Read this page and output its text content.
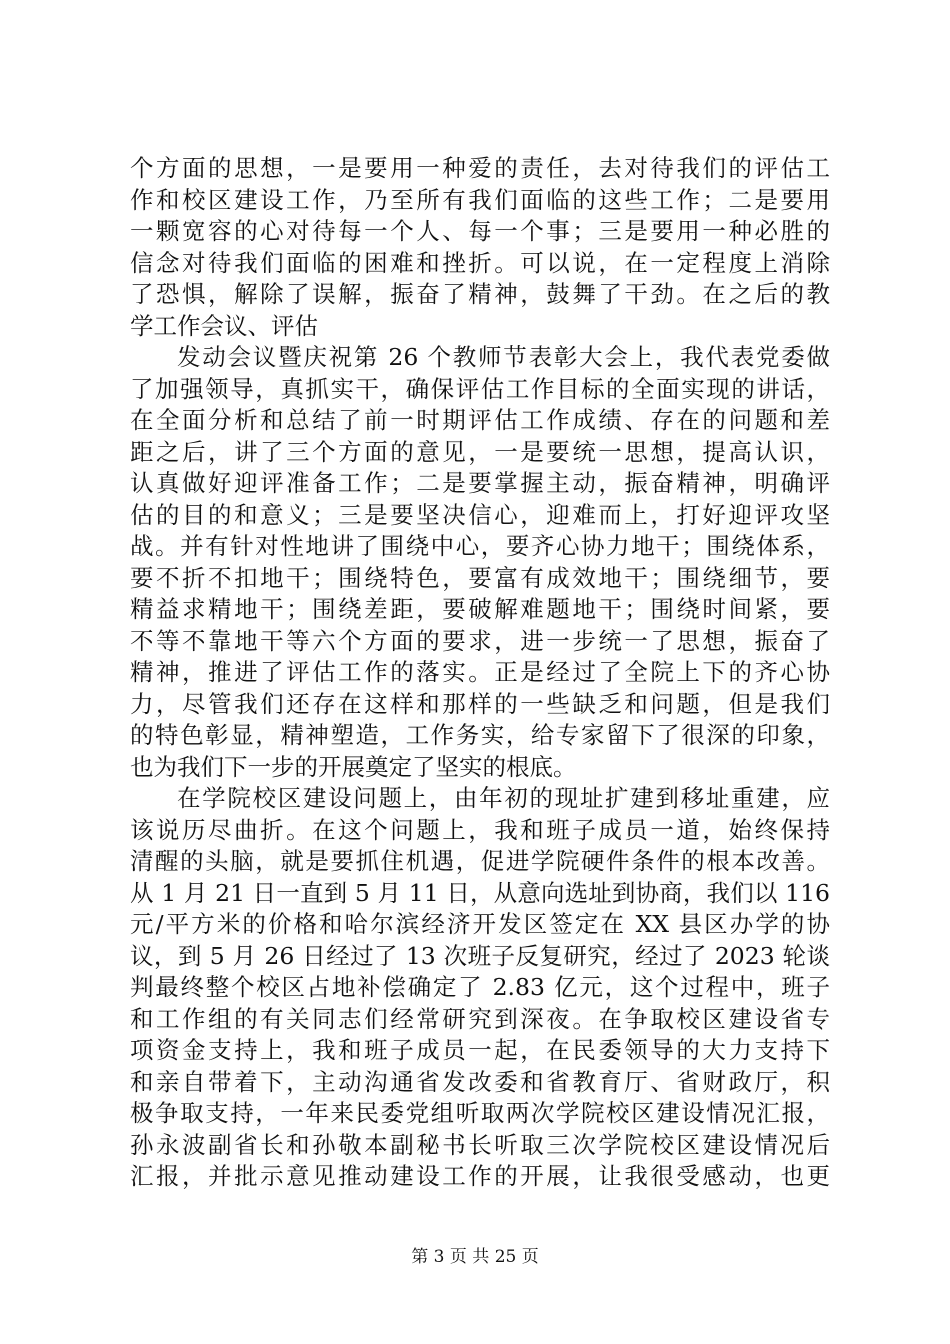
个方面的思想，一是要用一种爱的责任，去对待我们的评估工
作和校区建设工作，乃至所有我们面临的这些工作；二是要用
一颗宽容的心对待每一个人、每一个事；三是要用一种必胜的
信念对待我们面临的困难和挫折。可以说，在一定程度上消除
了恐惧，解除了误解，振奋了精神，鼓舞了干劲。在之后的教
学工作会议、评估
发动会议暨庆祝第 26 个教师节表彰大会上，我代表党委做
了加强领导，真抓实干，确保评估工作目标的全面实现的讲话，
在全面分析和总结了前一时期评估工作成绩、存在的问题和差
距之后，讲了三个方面的意见，一是要统一思想，提高认识，
认真做好迎评准备工作；二是要掌握主动，振奋精神，明确评
估的目的和意义；三是要坚决信心，迎难而上，打好迎评攻坚
战。并有针对性地讲了围绕中心，要齐心协力地干；围绕体系，
要不折不扣地干；围绕特色，要富有成效地干；围绕细节，要
精益求精地干；围绕差距，要破解难题地干；围绕时间紧，要
不等不靠地干等六个方面的要求，进一步统一了思想，振奋了
精神，推进了评估工作的落实。正是经过了全院上下的齐心协
力，尽管我们还存在这样和那样的一些缺乏和问题，但是我们
的特色彰显，精神塑造，工作务实，给专家留下了很深的印象，
也为我们下一步的开展奠定了坚实的根底。
在学院校区建设问题上，由年初的现址扩建到移址重建，应
该说历尽曲折。在这个问题上，我和班子成员一道，始终保持
清醒的头脑，就是要抓住机遇，促进学院硬件条件的根本改善。
从 1 月 21 日一直到 5 月 11 日，从意向选址到协商，我们以 116
元/平方米的价格和哈尔滨经济开发区签定在 XX 县区办学的协
议，到 5 月 26 日经过了 13 次班子反复研究，经过了 2023 轮谈
判最终整个校区占地补偿确定了 2.83 亿元，这个过程中，班子
和工作组的有关同志们经常研究到深夜。在争取校区建设省专
项资金支持上，我和班子成员一起，在民委领导的大力支持下
和亲自带着下，主动沟通省发改委和省教育厅、省财政厅，积
极争取支持，一年来民委党组听取两次学院校区建设情况汇报，
孙永波副省长和孙敬本副秘书长听取三次学院校区建设情况后
汇报，并批示意见推动建设工作的开展，让我很受感动，也更
第 3 页 共 25 页
